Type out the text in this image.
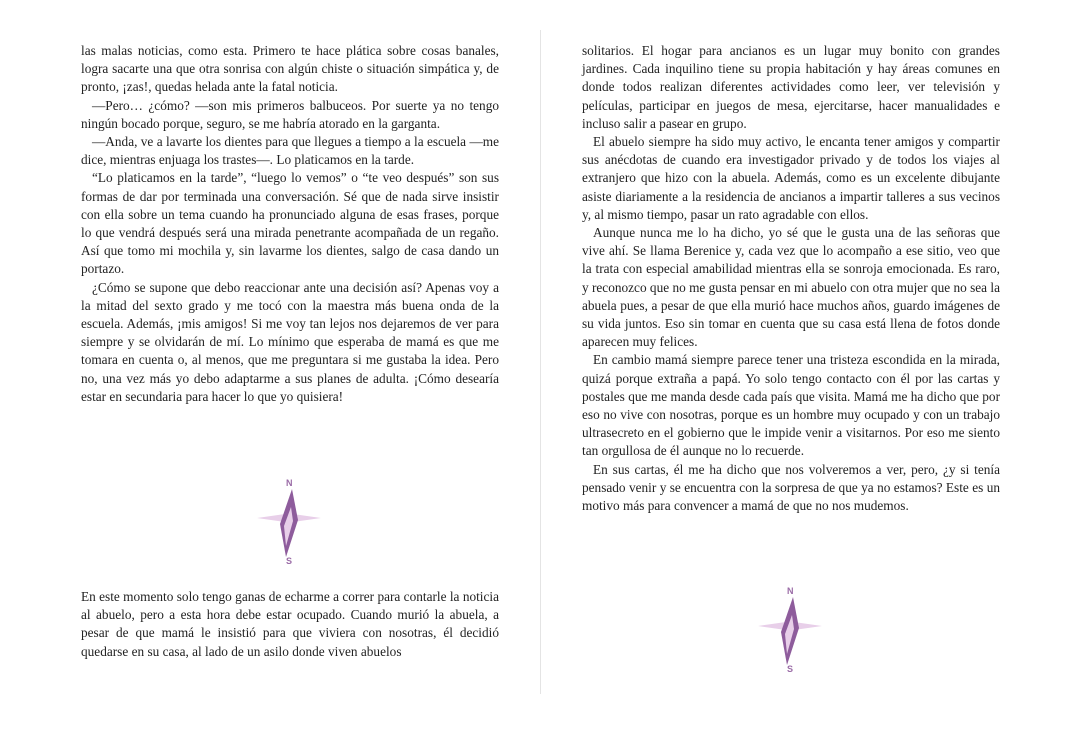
las malas noticias, como esta. Primero te hace plática sobre cosas banales, logra sacarte una que otra sonrisa con algún chiste o situación simpática y, de pronto, ¡zas!, quedas helada ante la fatal noticia.

—Pero… ¿cómo? —son mis primeros balbuceos. Por suerte ya no tengo ningún bocado porque, seguro, se me habría atorado en la garganta.

—Anda, ve a lavarte los dientes para que llegues a tiempo a la escuela —me dice, mientras enjuaga los trastes—. Lo platicamos en la tarde.

“Lo platicamos en la tarde”, “luego lo vemos” o “te veo después” son sus formas de dar por terminada una conversación. Sé que de nada sirve insistir con ella sobre un tema cuando ha pronunciado alguna de esas frases, porque lo que vendrá después será una mirada penetrante acompañada de un regaño. Así que tomo mi mochila y, sin lavarme los dientes, salgo de casa dando un portazo.

¿Cómo se supone que debo reaccionar ante una decisión así? Apenas voy a la mitad del sexto grado y me tocó con la maestra más buena onda de la escuela. Además, ¡mis amigos! Si me voy tan lejos nos dejaremos de ver para siempre y se olvidarán de mí. Lo mínimo que esperaba de mamá es que me tomara en cuenta o, al menos, que me preguntara si me gustaba la idea. Pero no, una vez más yo debo adaptarme a sus planes de adulta. ¡Cómo desearía estar en secundaria para hacer lo que yo quisiera!

N
S

En este momento solo tengo ganas de echarme a correr para contarle la noticia al abuelo, pero a esta hora debe estar ocupado. Cuando murió la abuela, a pesar de que mamá le insistió para que viviera con nosotras, él decidió quedarse en su casa, al lado de un asilo donde viven abuelos

solitarios. El hogar para ancianos es un lugar muy bonito con grandes jardines. Cada inquilino tiene su propia habitación y hay áreas comunes en donde todos realizan diferentes actividades como leer, ver televisión y películas, participar en juegos de mesa, ejercitarse, hacer manualidades e incluso salir a pasear en grupo.

El abuelo siempre ha sido muy activo, le encanta tener amigos y compartir sus anécdotas de cuando era investigador privado y de todos los viajes al extranjero que hizo con la abuela. Además, como es un excelente dibujante asiste diariamente a la residencia de ancianos a impartir talleres a sus vecinos y, al mismo tiempo, pasar un rato agradable con ellos.

Aunque nunca me lo ha dicho, yo sé que le gusta una de las señoras que vive ahí. Se llama Berenice y, cada vez que lo acompaño a ese sitio, veo que la trata con especial amabilidad mientras ella se sonroja emocionada. Es raro, y reconozco que no me gusta pensar en mi abuelo con otra mujer que no sea la abuela pues, a pesar de que ella murió hace muchos años, guardo imágenes de su vida juntos. Eso sin tomar en cuenta que su casa está llena de fotos donde aparecen muy felices.

En cambio mamá siempre parece tener una tristeza escondida en la mirada, quizá porque extraña a papá. Yo solo tengo contacto con él por las cartas y postales que me manda desde cada país que visita. Mamá me ha dicho que por eso no vive con nosotras, porque es un hombre muy ocupado y con un trabajo ultrasecreto en el gobierno que le impide venir a visitarnos. Por eso me siento tan orgullosa de él aunque no lo recuerde.

En sus cartas, él me ha dicho que nos volveremos a ver, pero, ¿y si tenía pensado venir y se encuentra con la sorpresa de que ya no estamos? Este es un motivo más para convencer a mamá de que no nos mudemos.

N
S
